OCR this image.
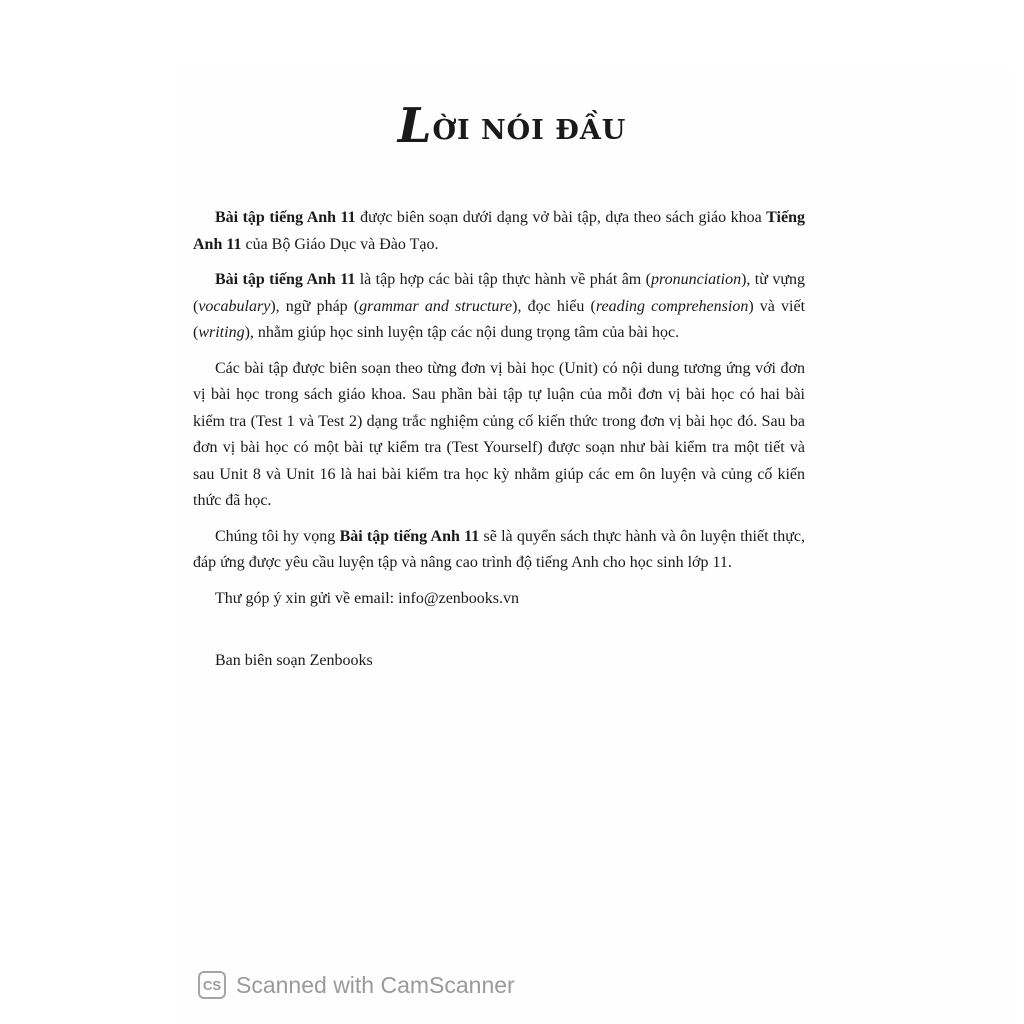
LỜI NÓI ĐẦU

Bài tập tiếng Anh 11 được biên soạn dưới dạng vở bài tập, dựa theo sách giáo khoa Tiếng Anh 11 của Bộ Giáo Dục và Đào Tạo.

Bài tập tiếng Anh 11 là tập hợp các bài tập thực hành về phát âm (pronunciation), từ vựng (vocabulary), ngữ pháp (grammar and structure), đọc hiểu (reading comprehension) và viết (writing), nhằm giúp học sinh luyện tập các nội dung trọng tâm của bài học.

Các bài tập được biên soạn theo từng đơn vị bài học (Unit) có nội dung tương ứng với đơn vị bài học trong sách giáo khoa. Sau phần bài tập tự luận của mỗi đơn vị bài học có hai bài kiểm tra (Test 1 và Test 2) dạng trắc nghiệm củng cố kiến thức trong đơn vị bài học đó. Sau ba đơn vị bài học có một bài tự kiểm tra (Test Yourself) được soạn như bài kiểm tra một tiết và sau Unit 8 và Unit 16 là hai bài kiểm tra học kỳ nhằm giúp các em ôn luyện và củng cố kiến thức đã học.

Chúng tôi hy vọng Bài tập tiếng Anh 11 sẽ là quyển sách thực hành và ôn luyện thiết thực, đáp ứng được yêu cầu luyện tập và nâng cao trình độ tiếng Anh cho học sinh lớp 11.

Thư góp ý xin gửi về email: info@zenbooks.vn

Ban biên soạn Zenbooks

CS Scanned with CamScanner
